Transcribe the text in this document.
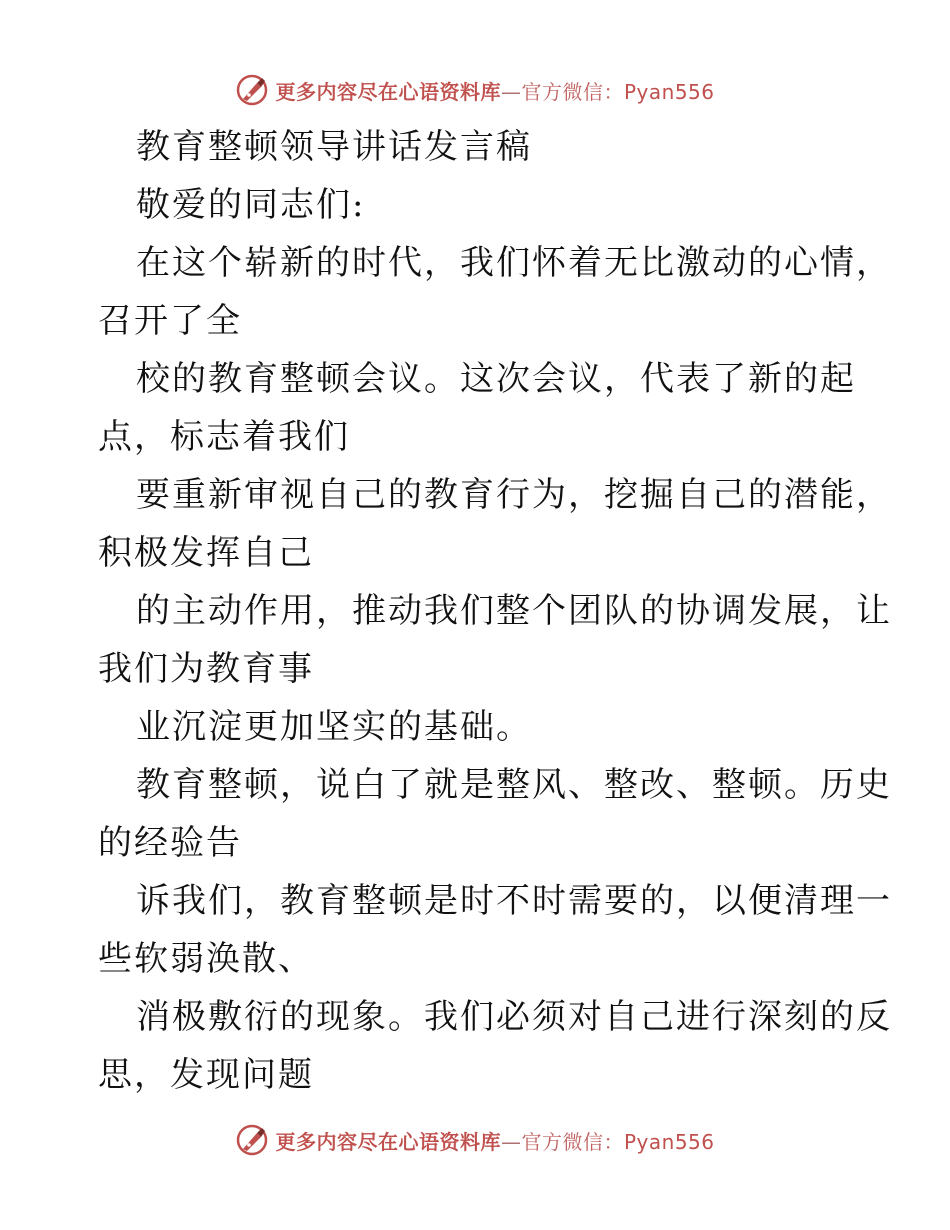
更多内容尽在心语资料库—官方微信：Pyan556
教育整顿领导讲话发言稿
敬爱的同志们:
在这个崭新的时代，我们怀着无比激动的心情，
召开了全
校的教育整顿会议。这次会议，代表了新的起
点，标志着我们
要重新审视自己的教育行为，挖掘自己的潜能，
积极发挥自己
的主动作用，推动我们整个团队的协调发展，让
我们为教育事
业沉淀更加坚实的基础。
教育整顿，说白了就是整风、整改、整顿。历史
的经验告
诉我们，教育整顿是时不时需要的，以便清理一
些软弱涣散、
消极敷衍的现象。我们必须对自己进行深刻的反
思，发现问题
更多内容尽在心语资料库—官方微信：Pyan556
